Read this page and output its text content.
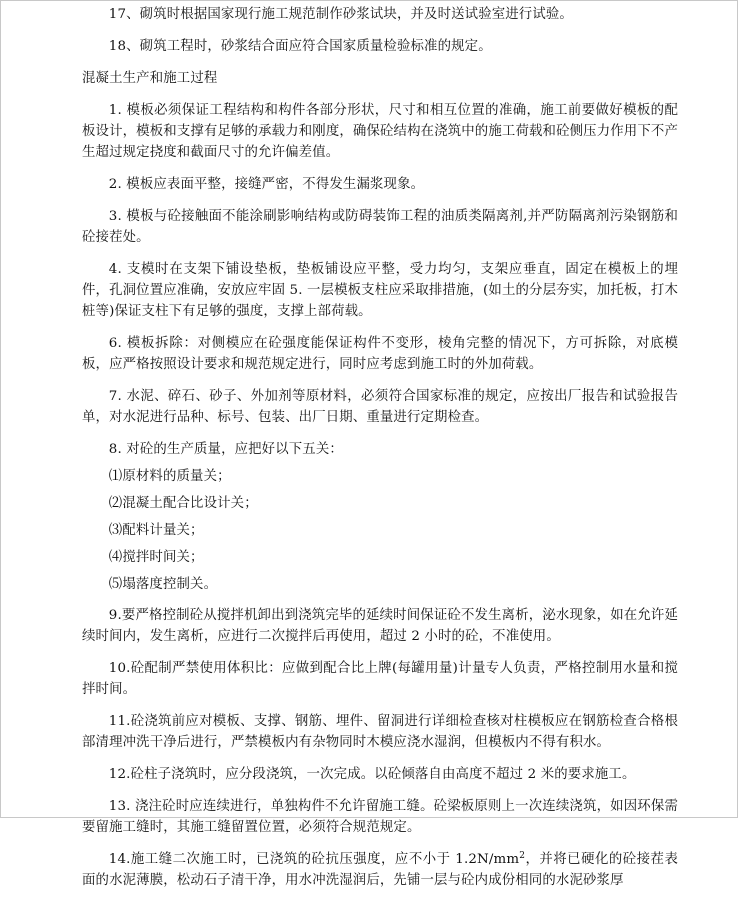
17、砌筑时根据国家现行施工规范制作砂浆试块，并及时送试验室进行试验。

18、砌筑工程时，砂浆结合面应符合国家质量检验标准的规定。

混凝土生产和施工过程

1. 模板必须保证工程结构和构件各部分形状，尺寸和相互位置的准确，施工前要做好模板的配板设计，模板和支撑有足够的承载力和刚度，确保砼结构在浇筑中的施工荷载和砼侧压力作用下不产生超过规定挠度和截面尺寸的允许偏差值。

2. 模板应表面平整，接缝严密，不得发生漏浆现象。

3. 模板与砼接触面不能涂刷影响结构或防碍装饰工程的油质类隔离剂,并严防隔离剂污染钢筋和砼接茬处。

4. 支模时在支架下铺设垫板，垫板铺设应平整，受力均匀，支架应垂直，固定在模板上的埋件，孔洞位置应准确，安放应牢固 5. 一层模板支柱应采取排措施，(如土的分层夯实，加托板，打木桩等)保证支柱下有足够的强度，支撑上部荷载。

6. 模板拆除：对侧模应在砼强度能保证构件不变形，棱角完整的情况下，方可拆除，对底模板，应严格按照设计要求和规范规定进行，同时应考虑到施工时的外加荷载。

7. 水泥、碎石、砂子、外加剂等原材料，必须符合国家标准的规定，应按出厂报告和试验报告单，对水泥进行品种、标号、包装、出厂日期、重量进行定期检查。

8. 对砼的生产质量，应把好以下五关：

⑴原材料的质量关；

⑵混凝土配合比设计关；

⑶配料计量关；

⑷搅拌时间关；

⑸塌落度控制关。

9.要严格控制砼从搅拌机卸出到浇筑完毕的延续时间保证砼不发生离析，泌水现象，如在允许延续时间内，发生离析，应进行二次搅拌后再使用，超过 2 小时的砼，不准使用。

10.砼配制严禁使用体积比：应做到配合比上牌(每罐用量)计量专人负责，严格控制用水量和搅拌时间。

11.砼浇筑前应对模板、支撑、钢筋、埋件、留洞进行详细检查核对柱模板应在钢筋检查合格根部清理冲洗干净后进行，严禁模板内有杂物同时木模应浇水湿润，但模板内不得有积水。

12.砼柱子浇筑时，应分段浇筑，一次完成。以砼倾落自由高度不超过 2 米的要求施工。

13. 浇注砼时应连续进行，单独构件不允许留施工缝。砼梁板原则上一次连续浇筑，如因环保需要留施工缝时，其施工缝留置位置，必须符合规范规定。

14.施工缝二次施工时，已浇筑的砼抗压强度，应不小于 $1.2N/mm^2$，并将已硬化的砼接茬表面的水泥薄膜，松动石子清干净，用水冲洗湿润后，先铺一层与砼内成份相同的水泥砂浆厚
